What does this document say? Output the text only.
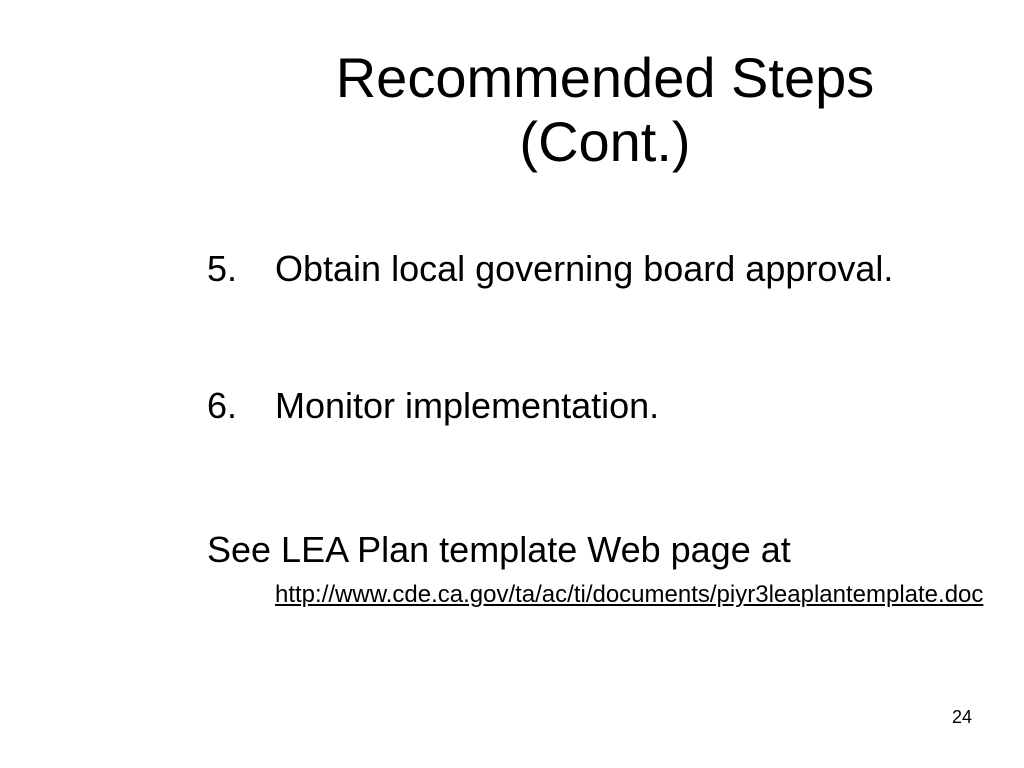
Recommended Steps
(Cont.)
5. Obtain local governing board approval.
6. Monitor implementation.
See LEA Plan template Web page at
http://www.cde.ca.gov/ta/ac/ti/documents/piyr3leaplantemplate.doc
24
